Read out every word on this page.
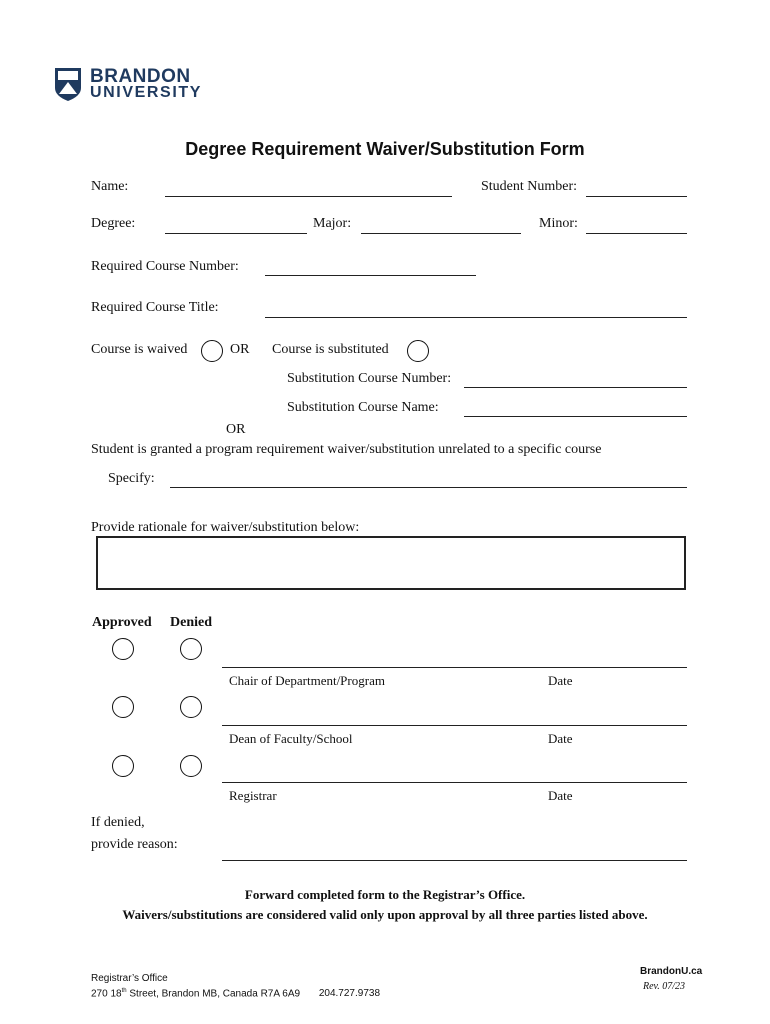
BRANDON
UNIVERSITY
Degree Requirement Waiver/Substitution Form
Name:	Student Number:
Degree:	Major:	Minor:
Required Course Number:
Required Course Title:
Course is waived	OR Course is substituted
Substitution Course Number:
Substitution Course Name:
OR
Student is granted a program requirement waiver/substitution unrelated to a specific course
Specify:
Provide rationale for waiver/substitution below:
Approved Denied
Chair of Department/Program	Date
Dean of Faculty/School	Date
Registrar	Date
If denied,
provide reason:
Forward completed form to the Registrar’s Office.
Waivers/substitutions are considered valid only upon approval by all three parties listed above.
Registrar’s Office
270 18th Street, Brandon MB, Canada R7A 6A9 204.727.9738
BrandonU.ca
Rev. 07/23
